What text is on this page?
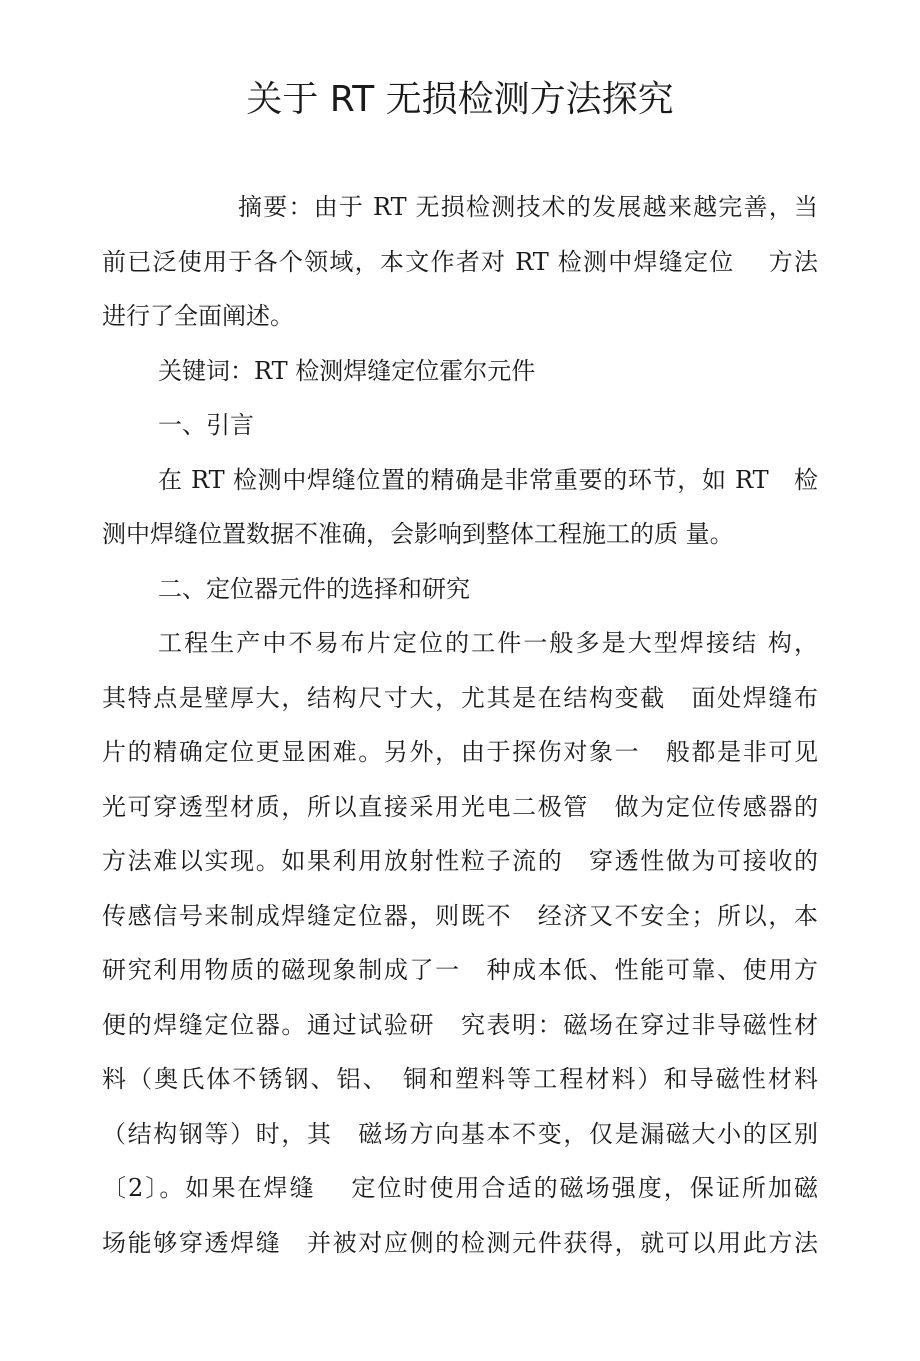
关于 RT 无损检测方法探究
摘要：由于 RT 无损检测技术的发展越来越完善，当
前已泛使用于各个领域，本文作者对 RT 检测中焊缝定位　 方法
进行了全面阐述。
关键词：RT 检测焊缝定位霍尔元件
一、引言
在 RT 检测中焊缝位置的精确是非常重要的环节，如 RT　检
测中焊缝位置数据不准确，会影响到整体工程施工的质 量。
二、定位器元件的选择和研究
工程生产中不易布片定位的工件一般多是大型焊接结 构，
其特点是壁厚大，结构尺寸大，尤其是在结构变截　面处焊缝布
片的精确定位更显困难。另外，由于探伤对象一　般都是非可见
光可穿透型材质，所以直接采用光电二极管　做为定位传感器的
方法难以实现。如果利用放射性粒子流的　穿透性做为可接收的
传感信号来制成焊缝定位器，则既不　经济又不安全；所以，本
研究利用物质的磁现象制成了一　种成本低、性能可靠、使用方
便的焊缝定位器。通过试验研　究表明：磁场在穿过非导磁性材
料（奥氏体不锈钢、铝、　铜和塑料等工程材料）和导磁性材料
（结构钢等）时，其　磁场方向基本不变，仅是漏磁大小的区别
〔2〕。如果在焊缝　 定位时使用合适的磁场强度，保证所加磁
场能够穿透焊缝　并被对应侧的检测元件获得，就可以用此方法
